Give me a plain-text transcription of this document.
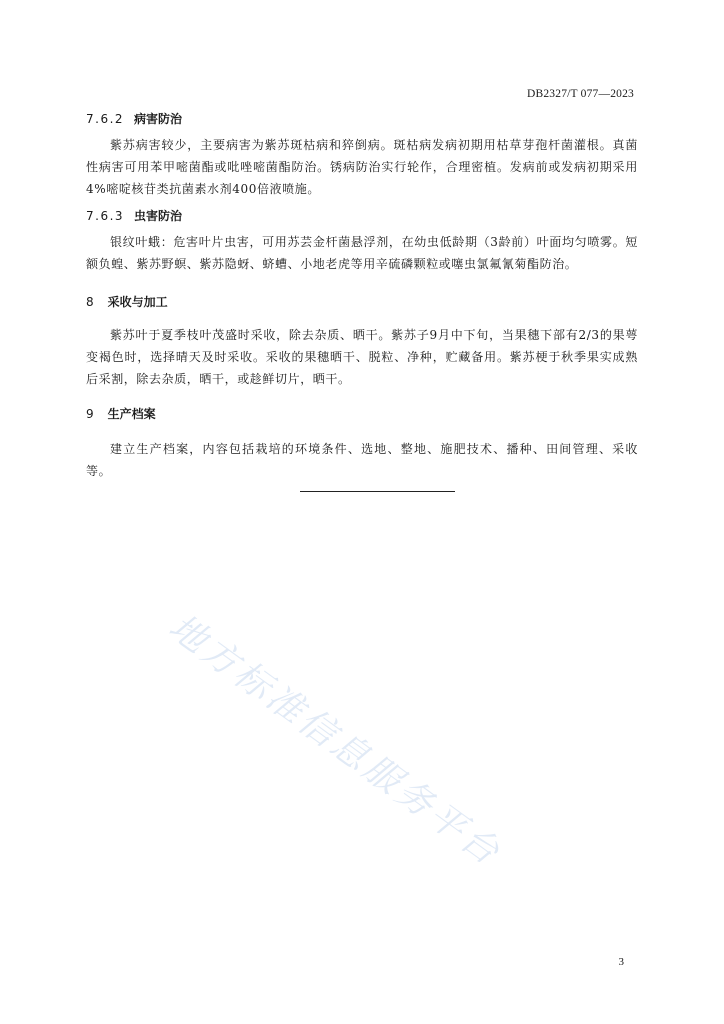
DB2327/T 077—2023
7.6.2 病害防治

紫苏病害较少，主要病害为紫苏斑枯病和猝倒病。斑枯病发病初期用枯草芽孢杆菌灌根。真菌性病害可用苯甲嘧菌酯或吡唑嘧菌酯防治。锈病防治实行轮作，合理密植。发病前或发病初期采用4%嘧啶核苷类抗菌素水剂400倍液喷施。

7.6.3 虫害防治

银纹叶蛾：危害叶片虫害，可用苏芸金杆菌悬浮剂，在幼虫低龄期（3龄前）叶面均匀喷雾。短额负蝗、紫苏野螟、紫苏隐蚜、蛴螬、小地老虎等用辛硫磷颗粒或噻虫氯氟氰菊酯防治。

8 采收与加工

紫苏叶于夏季枝叶茂盛时采收，除去杂质、晒干。紫苏子9月中下旬，当果穗下部有2/3的果萼变褐色时，选择晴天及时采收。采收的果穗晒干、脱粒、净种，贮藏备用。紫苏梗于秋季果实成熟后采割，除去杂质，晒干，或趁鲜切片，晒干。

9 生产档案

建立生产档案，内容包括栽培的环境条件、选地、整地、施肥技术、播种、田间管理、采收等。

地方标准信息服务平台
3
